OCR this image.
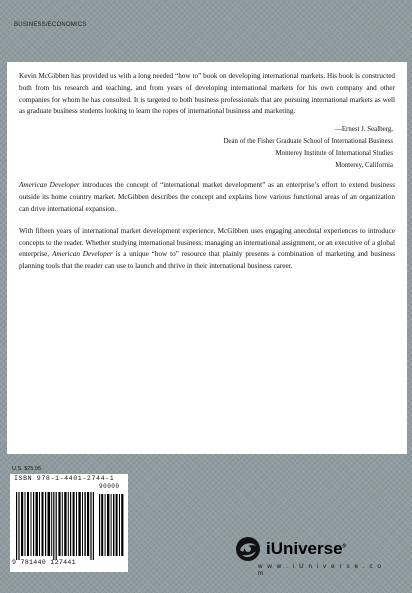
BUSINESS/ECONOMICS

Kevin McGibben has provided us with a long needed “how to” book on developing international markets. His book is constructed both from his research and teaching, and from years of developing international markets for his own company and other companies for whom he has consulted. It is targeted to both business professionals that are pursuing international markets as well as graduate business students looking to learn the ropes of international business and marketing.

—Ernest J. Sealberg,

Dean of the Fisher Graduate School of International Business

Monterey Institute of International Studies

Monterey, California

American Developer introduces the concept of “international market development” as an enterprise’s effort to extend business outside its home country market. McGibben describes the concept and explains how various functional areas of an organization can drive international expansion.

With fifteen years of international market development experience, McGibben uses engaging anecdotal experiences to introduce concepts to the reader. Whether studying international business, managing an international assignment, or an executive of a global enterprise, American Developer is a unique “how to” resource that plainly presents a combination of marketing and business planning tools that the reader can use to launch and thrive in their international business career.

U.S. $25.95
ISBN 978-1-4401-2744-1
90000
9 781440 127441
iUniverse®
w w w . i U n i v e r s e . c o m
